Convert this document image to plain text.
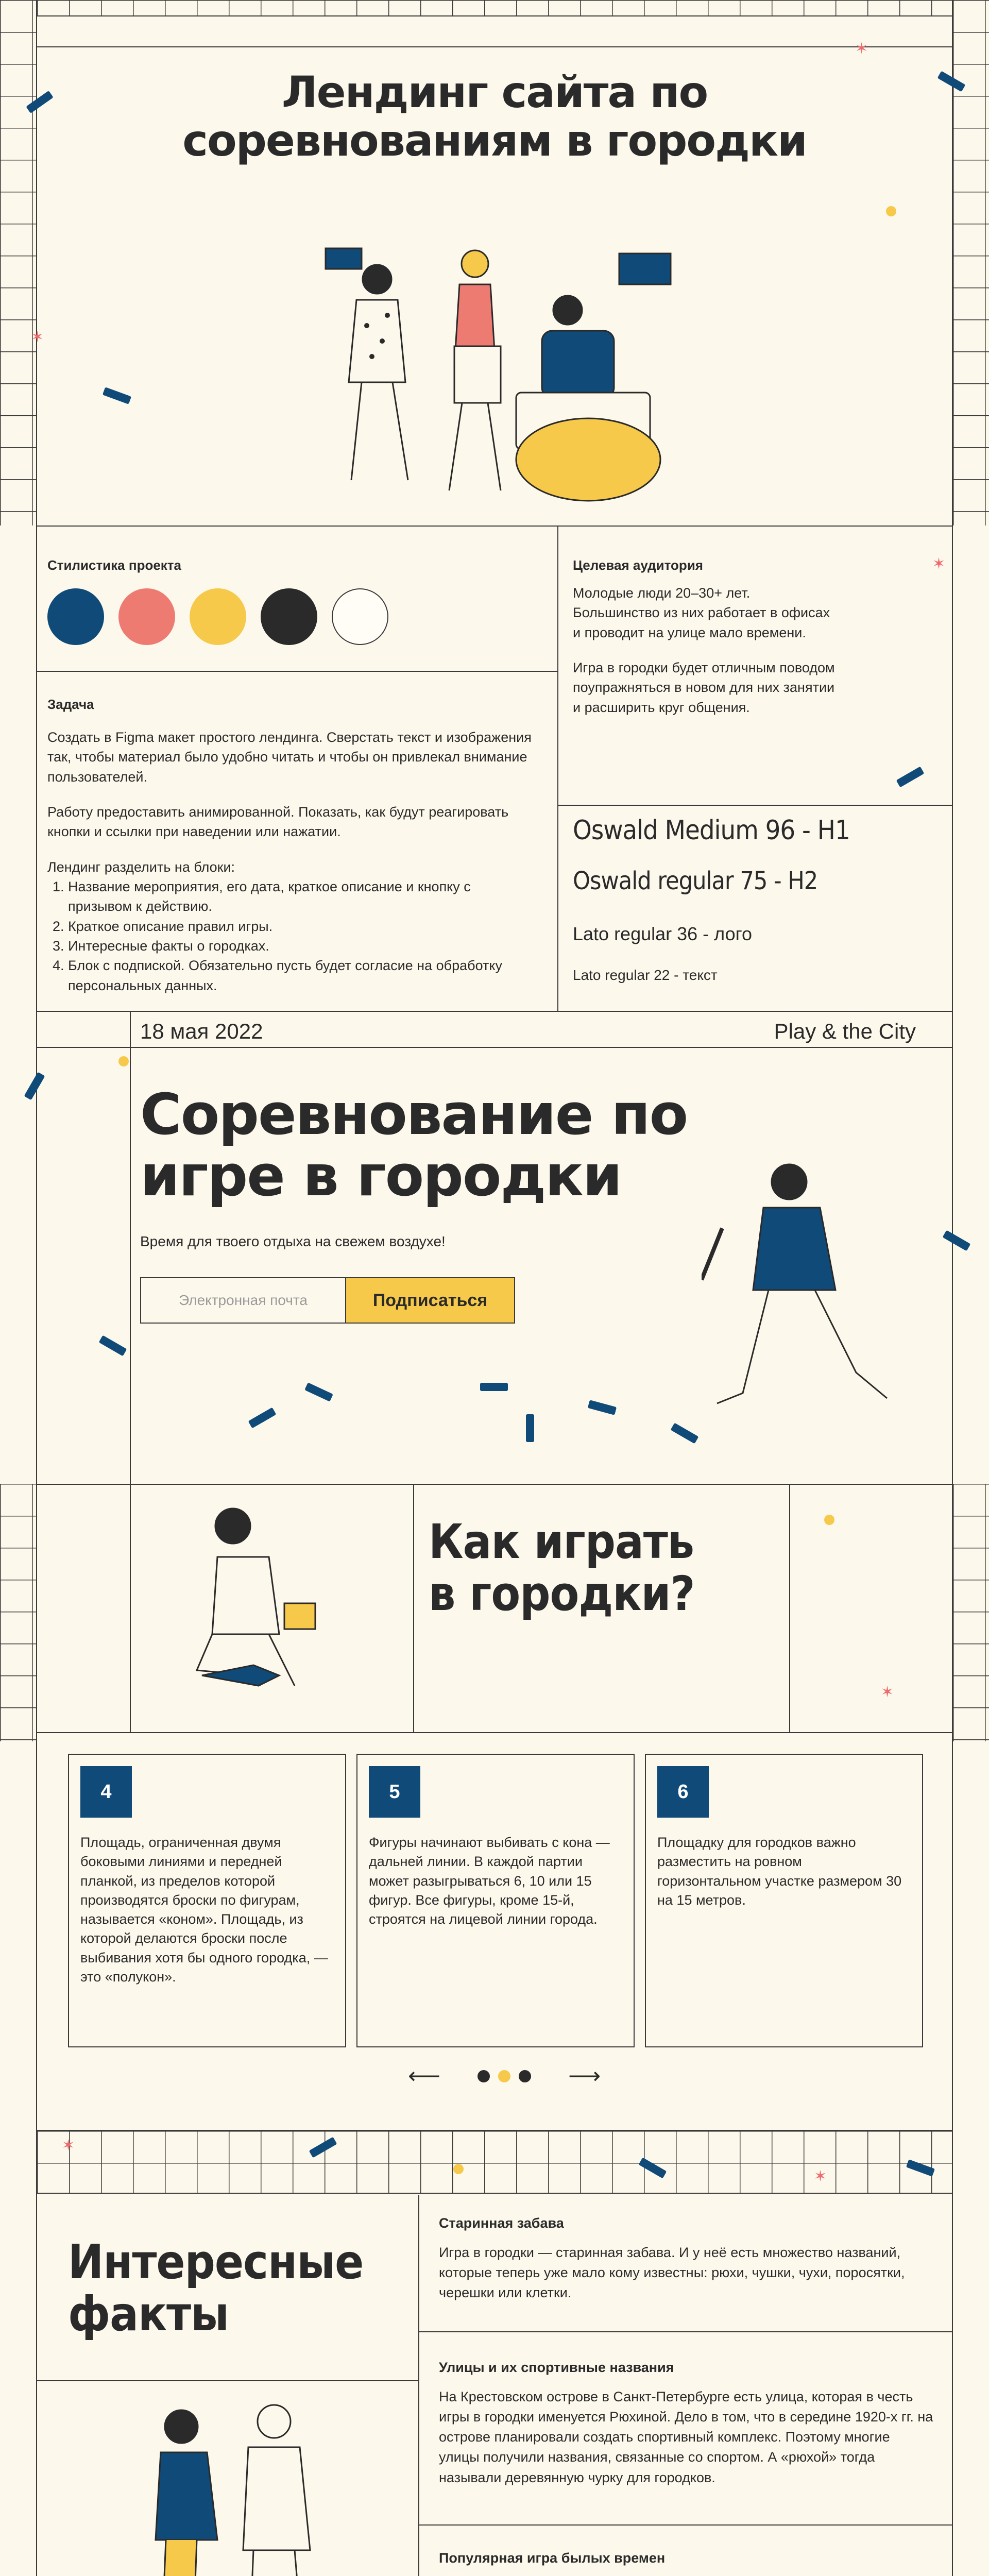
Лендинг сайта по соревнованиям в городки
Стилистика проекта
Задача

Создать в Figma макет простого лендинга. Сверстать текст и изображения так, чтобы материал было удобно читать и чтобы он привлекал внимание пользователей.

Работу предоставить анимированной. Показать, как будут реагировать кнопки и ссылки при наведении или нажатии.

Лендинг разделить на блоки:

1. Название мероприятия, его дата, краткое описание и кнопку с призывом к действию.
2. Краткое описание правил игры.
3. Интересные факты о городках.
4. Блок с подпиской. Обязательно пусть будет согласие на обработку персональных данных.
Целевая аудитория

Молодые люди 20–30+ лет. Большинство из них работает в офисах и проводит на улице мало времени.

Игра в городки будет отличным поводом поупражняться в новом для них занятии и расширить круг общения.

Oswald Medium 96 - H1
Oswald regular 75 - H2
Lato regular 36 - лого
Lato regular 22 - текст
18 мая 2022	Play & the City
Соревнование по игре в городки
Время для твоего отдыха на свежем воздухе!
Электронная почта	Подписаться
Как играть в городки?
4
Площадь, ограниченная двумя боковыми линиями и передней планкой, из пределов которой производятся броски по фигурам, называется «коном». Площадь, из которой делаются броски после выбивания хотя бы одного городка, — это «полукон».
5
Фигуры начинают выбивать с кона — дальней линии. В каждой партии может разыгрываться 6, 10 или 15 фигур. Все фигуры, кроме 15-й, строятся на лицевой линии города.
6
Площадку для городков важно разместить на ровном горизонтальном участке размером 30 на 15 метров.
⟵	⟶
Интересные факты
Старинная забава
Игра в городки — старинная забава. И у неё есть множество названий, которые теперь уже мало кому известны: рюхи, чушки, чухи, поросятки, черешки или клетки.
Улицы и их спортивные названия
На Крестовском острове в Санкт-Петербурге есть улица, которая в честь игры в городки именуется Рюхиной. Дело в том, что в середине 1920-х гг. на острове планировали создать спортивный комплекс. Поэтому многие улицы получили названия, связанные со спортом. А «рюхой» тогда называли деревянную чурку для городков.
Популярная игра былых времен
✶
✶
✶
✶
✶
✶
